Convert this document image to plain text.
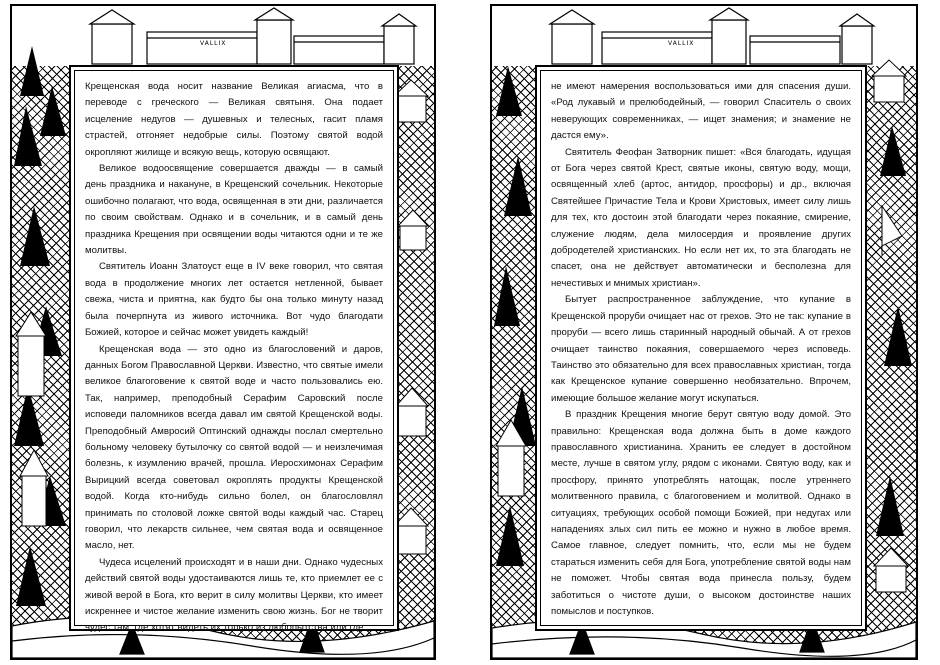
VALLIX

Крещенская вода носит название Великая агиасма, что в переводе с греческого — Великая святыня. Она подает исцеление недугов — душевных и телесных, гасит пламя страстей, отгоняет недобрые силы. Поэтому святой водой окропляют жилище и всякую вещь, которую освящают.

Великое водоосвящение совершается дважды — в самый день праздника и накануне, в Крещенский сочельник. Некоторые ошибочно полагают, что вода, освященная в эти дни, различается по своим свойствам. Однако и в сочельник, и в самый день праздника Крещения при освящении воды читаются одни и те же молитвы.

Святитель Иоанн Златоуст еще в IV веке говорил, что святая вода в продолжение многих лет остается нетленной, бывает свежа, чиста и приятна, как будто бы она только минуту назад была почерпнута из живого источника. Вот чудо благодати Божией, которое и сейчас может увидеть каждый!

Крещенская вода — это одно из благословений и даров, данных Богом Православной Церкви. Известно, что святые имели великое благоговение к святой воде и часто пользовались ею. Так, например, преподобный Серафим Саровский после исповеди паломников всегда давал им святой Крещенской воды. Преподобный Амвросий Оптинский однажды послал смертельно больному человеку бутылочку со святой водой — и неизлечимая болезнь, к изумлению врачей, прошла. Иеросхимонах Серафим Вырицкий всегда советовал окроплять продукты Крещенской водой. Когда кто-нибудь сильно болел, он благословлял принимать по столовой ложке святой воды каждый час. Старец говорил, что лекарств сильнее, чем святая вода и освященное масло, нет.

Чудеса исцелений происходят и в наши дни. Однако чудесных действий святой воды удостаиваются лишь те, кто приемлет ее с живой верой в Бога, кто верит в силу молитвы Церкви, кто имеет искреннее и чистое желание изменить свою жизнь. Бог не творит чудес там, где хотят видеть их только из любопытства или где

VALLIX

не имеют намерения воспользоваться ими для спасения души. «Род лукавый и прелюбодейный, — говорил Спаситель о своих неверующих современниках, — ищет знамения; и знамение не дастся ему».

Святитель Феофан Затворник пишет: «Вся благодать, идущая от Бога через святой Крест, святые иконы, святую воду, мощи, освященный хлеб (артос, антидор, просфоры) и др., включая Святейшее Причастие Тела и Крови Христовых, имеет силу лишь для тех, кто достоин этой благодати через покаяние, смирение, служение людям, дела милосердия и проявление других добродетелей христианских. Но если нет их, то эта благодать не спасет, она не действует автоматически и бесполезна для нечестивых и мнимых христиан».

Бытует распространенное заблуждение, что купание в Крещенской проруби очищает нас от грехов. Это не так: купание в проруби — всего лишь старинный народный обычай. А от грехов очищает таинство покаяния, совершаемого через исповедь. Таинство это обязательно для всех православных христиан, тогда как Крещенское купание совершенно необязательно. Впрочем, имеющие большое желание могут искупаться.

В праздник Крещения многие берут святую воду домой. Это правильно: Крещенская вода должна быть в доме каждого православного христианина. Хранить ее следует в достойном месте, лучше в святом углу, рядом с иконами. Святую воду, как и просфору, принято употреблять натощак, после утреннего молитвенного правила, с благоговением и молитвой. Однако в ситуациях, требующих особой помощи Божией, при недугах или нападениях злых сил пить ее можно и нужно в любое время. Самое главное, следует помнить, что, если мы не будем стараться изменить себя для Бога, употребление святой воды нам не поможет. Чтобы святая вода принесла пользу, будем заботиться о чистоте души, о высоком достоинстве наших помыслов и поступков.
